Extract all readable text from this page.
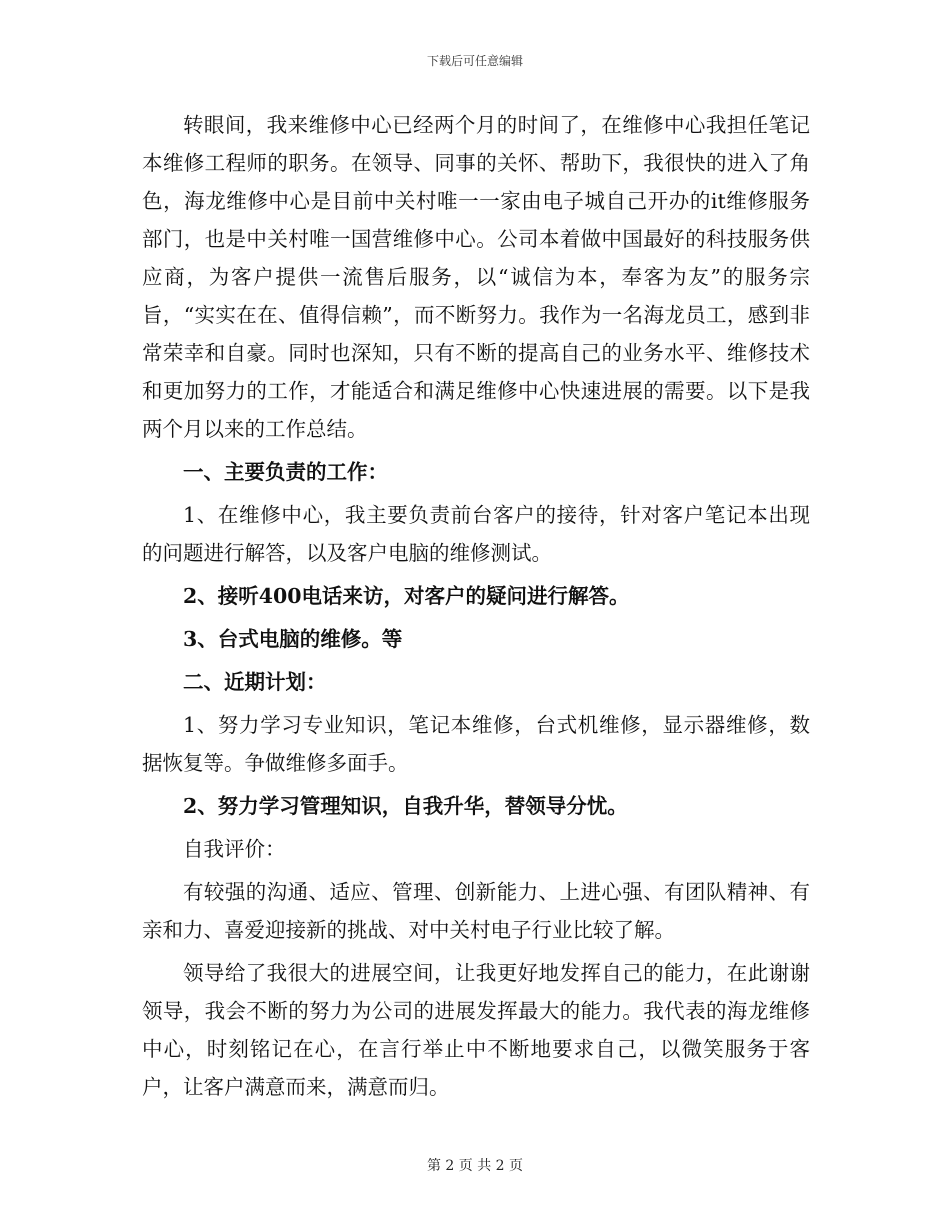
下载后可任意编辑

转眼间，我来维修中心已经两个月的时间了，在维修中心我担任笔记本维修工程师的职务。在领导、同事的关怀、帮助下，我很快的进入了角色，海龙维修中心是目前中关村唯一一家由电子城自己开办的it维修服务部门，也是中关村唯一国营维修中心。公司本着做中国最好的科技服务供应商，为客户提供一流售后服务，以“诚信为本，奉客为友”的服务宗旨，“实实在在、值得信赖”，而不断努力。我作为一名海龙员工，感到非常荣幸和自豪。同时也深知，只有不断的提高自己的业务水平、维修技术和更加努力的工作，才能适合和满足维修中心快速进展的需要。以下是我两个月以来的工作总结。

一、主要负责的工作：

1、在维修中心，我主要负责前台客户的接待，针对客户笔记本出现的问题进行解答，以及客户电脑的维修测试。

2、接听400电话来访，对客户的疑问进行解答。

3、台式电脑的维修。等

二、近期计划：

1、努力学习专业知识，笔记本维修，台式机维修，显示器维修，数据恢复等。争做维修多面手。

2、努力学习管理知识，自我升华，替领导分忧。

自我评价：

有较强的沟通、适应、管理、创新能力、上进心强、有团队精神、有亲和力、喜爱迎接新的挑战、对中关村电子行业比较了解。

领导给了我很大的进展空间，让我更好地发挥自己的能力，在此谢谢领导，我会不断的努力为公司的进展发挥最大的能力。我代表的海龙维修中心，时刻铭记在心，在言行举止中不断地要求自己，以微笑服务于客户，让客户满意而来，满意而归。

第 2 页 共 2 页
